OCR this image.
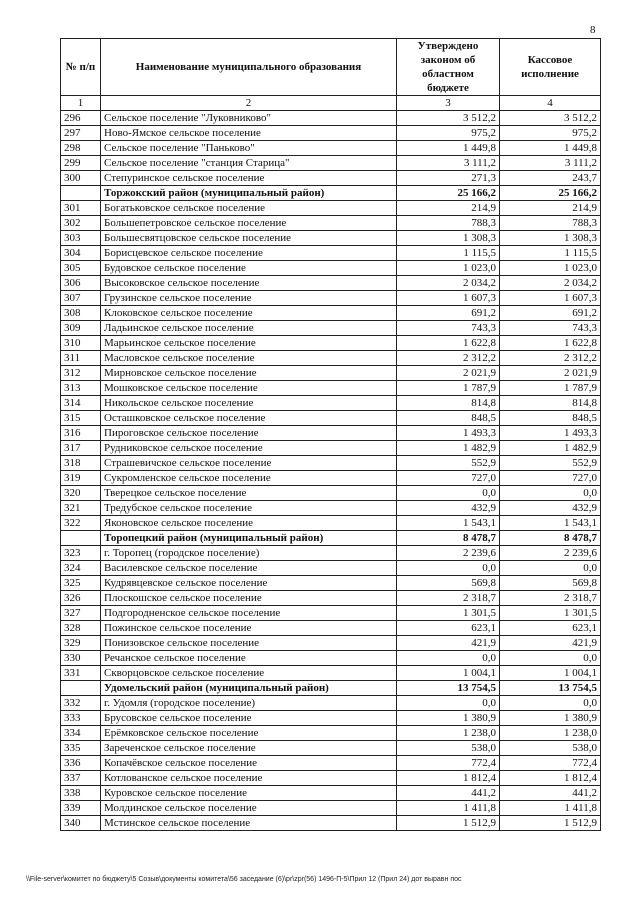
8
№ п/п	Наименование муниципального образования	Утверждено законом об областном бюджете	Кассовое исполнение
1	2	3	4
296	Сельское поселение "Луковниково"	3 512,2	3 512,2
297	Ново-Ямское сельское поселение	975,2	975,2
298	Сельское поселение "Паньково"	1 449,8	1 449,8
299	Сельское поселение "станция Старица"	3 111,2	3 111,2
300	Степуринское сельское поселение	271,3	243,7
	Торжокский район (муниципальный район)	25 166,2	25 166,2
301	Богатьковское сельское поселение	214,9	214,9
302	Большепетровское сельское поселение	788,3	788,3
303	Большесвятцовское сельское поселение	1 308,3	1 308,3
304	Борисцевское сельское поселение	1 115,5	1 115,5
305	Будовское сельское поселение	1 023,0	1 023,0
306	Высоковское сельское поселение	2 034,2	2 034,2
307	Грузинское сельское поселение	1 607,3	1 607,3
308	Клоковское сельское поселение	691,2	691,2
309	Ладьинское сельское поселение	743,3	743,3
310	Марьинское сельское поселение	1 622,8	1 622,8
311	Масловское сельское поселение	2 312,2	2 312,2
312	Мирновское сельское поселение	2 021,9	2 021,9
313	Мошковское сельское поселение	1 787,9	1 787,9
314	Никольское сельское поселение	814,8	814,8
315	Осташковское сельское поселение	848,5	848,5
316	Пироговское сельское поселение	1 493,3	1 493,3
317	Рудниковское сельское поселение	1 482,9	1 482,9
318	Страшевичское сельское поселение	552,9	552,9
319	Сукромленское сельское поселение	727,0	727,0
320	Тверецкое сельское поселение	0,0	0,0
321	Тредубское сельское поселение	432,9	432,9
322	Яконовское сельское поселение	1 543,1	1 543,1
	Торопецкий район (муниципальный район)	8 478,7	8 478,7
323	г. Торопец (городское поселение)	2 239,6	2 239,6
324	Василевское сельское поселение	0,0	0,0
325	Кудрявцевское сельское поселение	569,8	569,8
326	Плоскошское сельское поселение	2 318,7	2 318,7
327	Подгородненское сельское поселение	1 301,5	1 301,5
328	Пожинское сельское поселение	623,1	623,1
329	Понизовское сельское поселение	421,9	421,9
330	Речанское сельское поселение	0,0	0,0
331	Скворцовское сельское поселение	1 004,1	1 004,1
	Удомельский район (муниципальный район)	13 754,5	13 754,5
332	г. Удомля (городское поселение)	0,0	0,0
333	Брусовское сельское поселение	1 380,9	1 380,9
334	Ерёмковское сельское поселение	1 238,0	1 238,0
335	Зареченское сельское поселение	538,0	538,0
336	Копачёвское сельское поселение	772,4	772,4
337	Котлованское сельское поселение	1 812,4	1 812,4
338	Куровское сельское поселение	441,2	441,2
339	Молдинское сельское поселение	1 411,8	1 411,8
340	Мстинское сельское поселение	1 512,9	1 512,9
\\File-server\комитет по бюджету\5 Созыв\документы комитета\56 заседание (6)\pr\zpr(56) 1496-П-5\Прил 12 (Прил 24) дот выравн пос
